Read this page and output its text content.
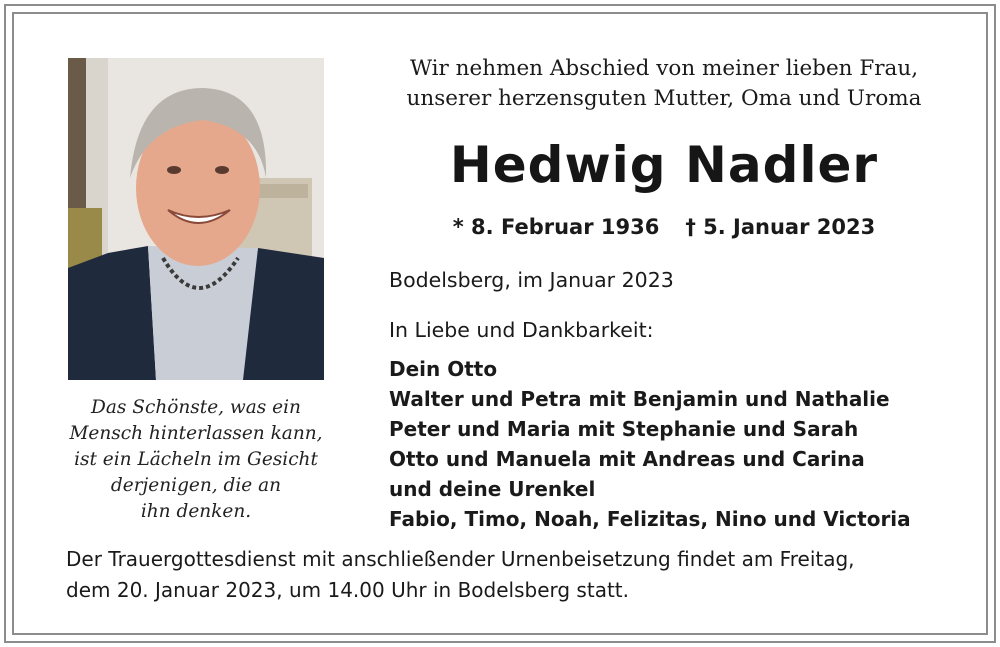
Das Schönste, was ein
Mensch hinterlassen kann,
ist ein Lächeln im Gesicht
derjenigen, die an
ihn denken.
Wir nehmen Abschied von meiner lieben Frau,
unserer herzensguten Mutter, Oma und Uroma
Hedwig Nadler
* 8. Februar 1936 † 5. Januar 2023
Bodelsberg, im Januar 2023
In Liebe und Dankbarkeit:
Dein Otto
Walter und Petra mit Benjamin und Nathalie
Peter und Maria mit Stephanie und Sarah
Otto und Manuela mit Andreas und Carina
und deine Urenkel
Fabio, Timo, Noah, Felizitas, Nino und Victoria
Der Trauergottesdienst mit anschließender Urnenbeisetzung findet am Freitag,
dem 20. Januar 2023, um 14.00 Uhr in Bodelsberg statt.
